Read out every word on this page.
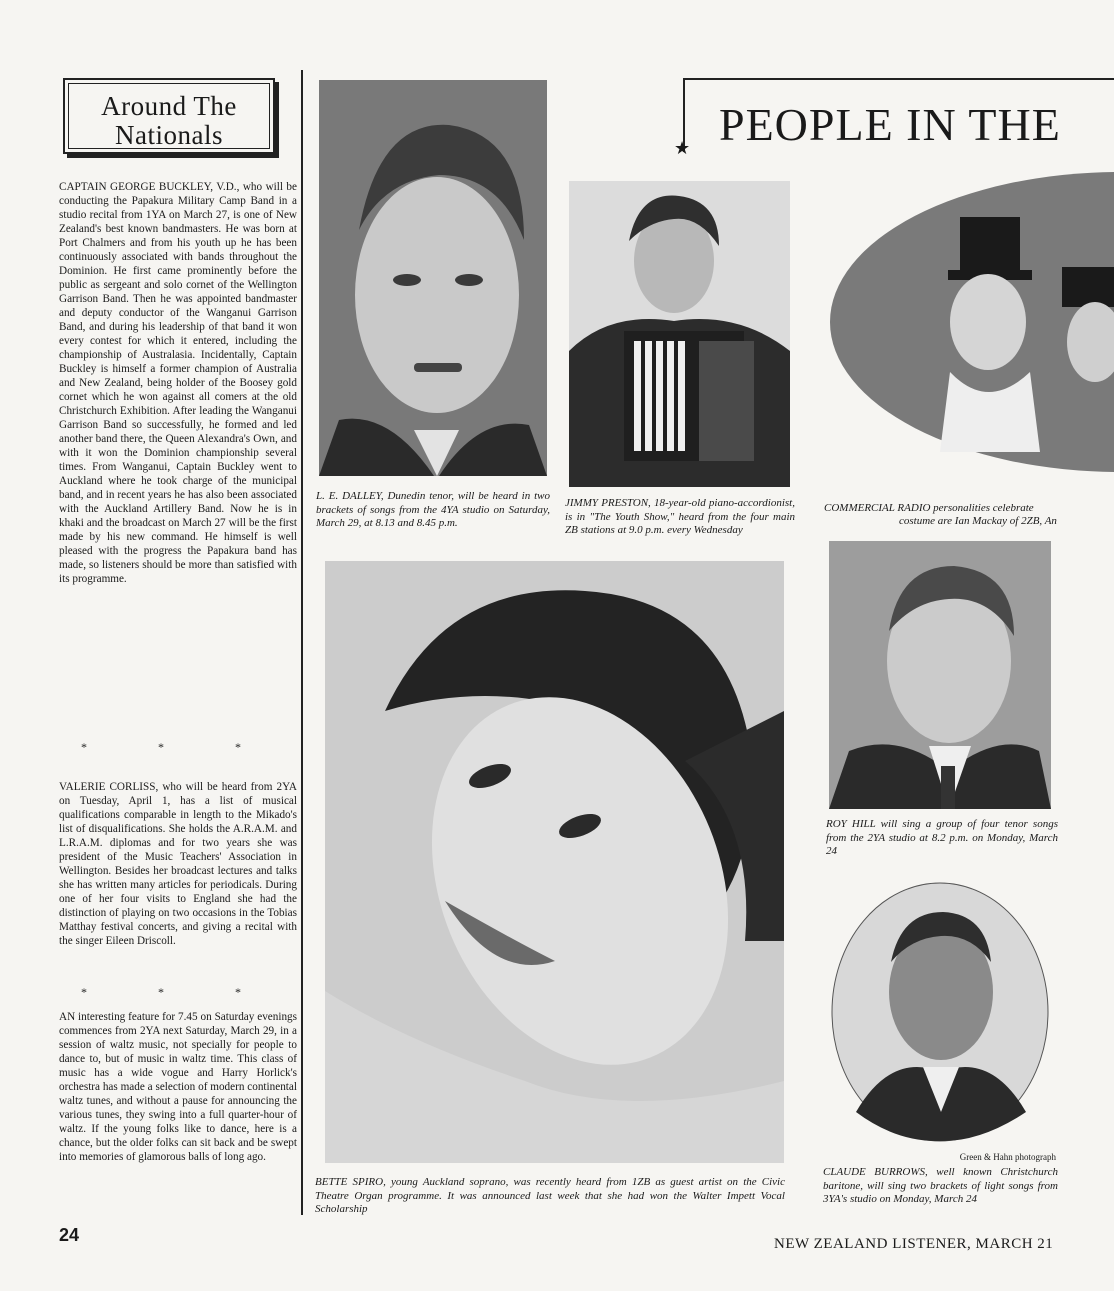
Around The
Nationals
CAPTAIN GEORGE BUCKLEY, V.D., who will be conducting the Papakura Military Camp Band in a studio recital from 1YA on March 27, is one of New Zealand's best known bandmasters. He was born at Port Chalmers and from his youth up he has been continuously associated with bands throughout the Dominion. He first came prominently before the public as sergeant and solo cornet of the Wellington Garrison Band. Then he was appointed bandmaster and deputy conductor of the Wanganui Garrison Band, and during his leadership of that band it won every contest for which it entered, including the championship of Australasia. Incidentally, Captain Buckley is himself a former champion of Australia and New Zealand, being holder of the Boosey gold cornet which he won against all comers at the old Christchurch Exhibition. After leading the Wanganui Garrison Band so successfully, he formed and led another band there, the Queen Alexandra's Own, and with it won the Dominion championship several times. From Wanganui, Captain Buckley went to Auckland where he took charge of the municipal band, and in recent years he has also been associated with the Auckland Artillery Band. Now he is in khaki and the broadcast on March 27 will be the first made by his new command. He himself is well pleased with the progress the Papakura band has made, so listeners should be more than satisfied with its programme.
* * *
VALERIE CORLISS, who will be heard from 2YA on Tuesday, April 1, has a list of musical qualifications comparable in length to the Mikado's list of disqualifications. She holds the A.R.A.M. and L.R.A.M. diplomas and for two years she was president of the Music Teachers' Association in Wellington. Besides her broadcast lectures and talks she has written many articles for periodicals. During one of her four visits to England she had the distinction of playing on two occasions in the Tobias Matthay festival concerts, and giving a recital with the singer Eileen Driscoll.
* * *
AN interesting feature for 7.45 on Saturday evenings commences from 2YA next Saturday, March 29, in a session of waltz music, not specially for people to dance to, but of music in waltz time. This class of music has a wide vogue and Harry Horlick's orchestra has made a selection of modern continental waltz tunes, and without a pause for announcing the various tunes, they swing into a full quarter-hour of waltz. If the young folks like to dance, here is a chance, but the older folks can sit back and be swept into memories of glamorous balls of long ago.
L. E. DALLEY, Dunedin tenor, will be heard in two brackets of songs from the 4YA studio on Saturday, March 29, at 8.13 and 8.45 p.m.
JIMMY PRESTON, 18-year-old piano-accordionist, is in "The Youth Show," heard from the four main ZB stations at 9.0 p.m. every Wednesday
PEOPLE IN THE
★
COMMERCIAL RADIO personalities celebrate
costume are Ian Mackay of 2ZB, An
BETTE SPIRO, young Auckland soprano, was recently heard from 1ZB as guest artist on the Civic Theatre Organ programme. It was announced last week that she had won the Walter Impett Vocal Scholarship
ROY HILL will sing a group of four tenor songs from the 2YA studio at 8.2 p.m. on Monday, March 24
Green & Hahn photograph
CLAUDE BURROWS, well known Christchurch baritone, will sing two brackets of light songs from 3YA's studio on Monday, March 24
24	NEW ZEALAND LISTENER, MARCH 21
